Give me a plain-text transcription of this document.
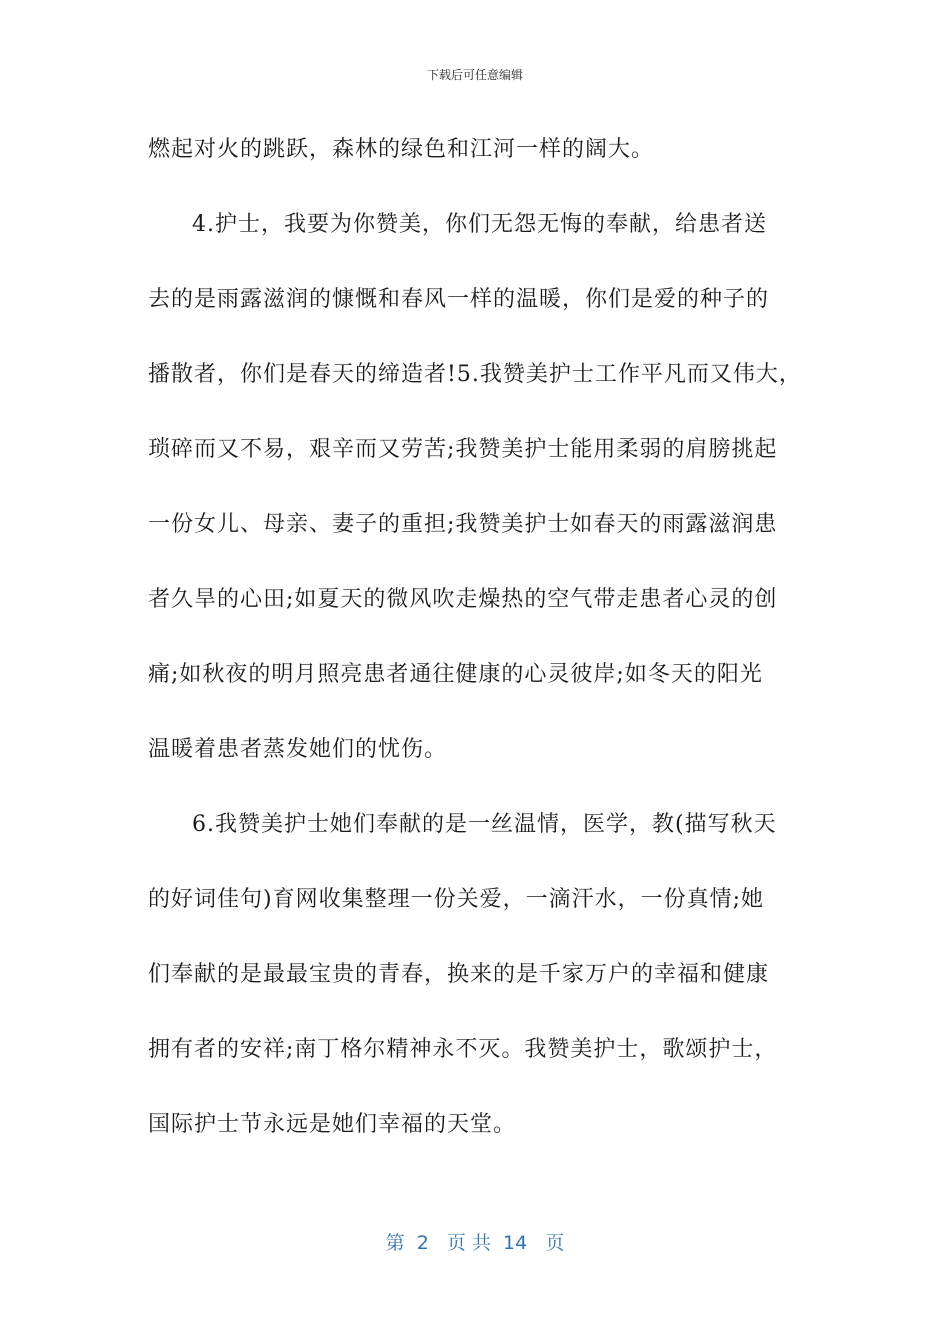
下载后可任意编辑
燃起对火的跳跃，森林的绿色和江河一样的阔大。
4.护士，我要为你赞美，你们无怨无悔的奉献，给患者送
去的是雨露滋润的慷慨和春风一样的温暖，你们是爱的种子的
播散者，你们是春天的缔造者!5.我赞美护士工作平凡而又伟大，
琐碎而又不易，艰辛而又劳苦;我赞美护士能用柔弱的肩膀挑起
一份女儿、母亲、妻子的重担;我赞美护士如春天的雨露滋润患
者久旱的心田;如夏天的微风吹走燥热的空气带走患者心灵的创
痛;如秋夜的明月照亮患者通往健康的心灵彼岸;如冬天的阳光
温暖着患者蒸发她们的忧伤。
6.我赞美护士她们奉献的是一丝温情，医学，教(描写秋天
的好词佳句)育网收集整理一份关爱，一滴汗水，一份真情;她
们奉献的是最最宝贵的青春，换来的是千家万户的幸福和健康
拥有者的安祥;南丁格尔精神永不灭。我赞美护士，歌颂护士，
国际护士节永远是她们幸福的天堂。
第  2   页 共  14   页
